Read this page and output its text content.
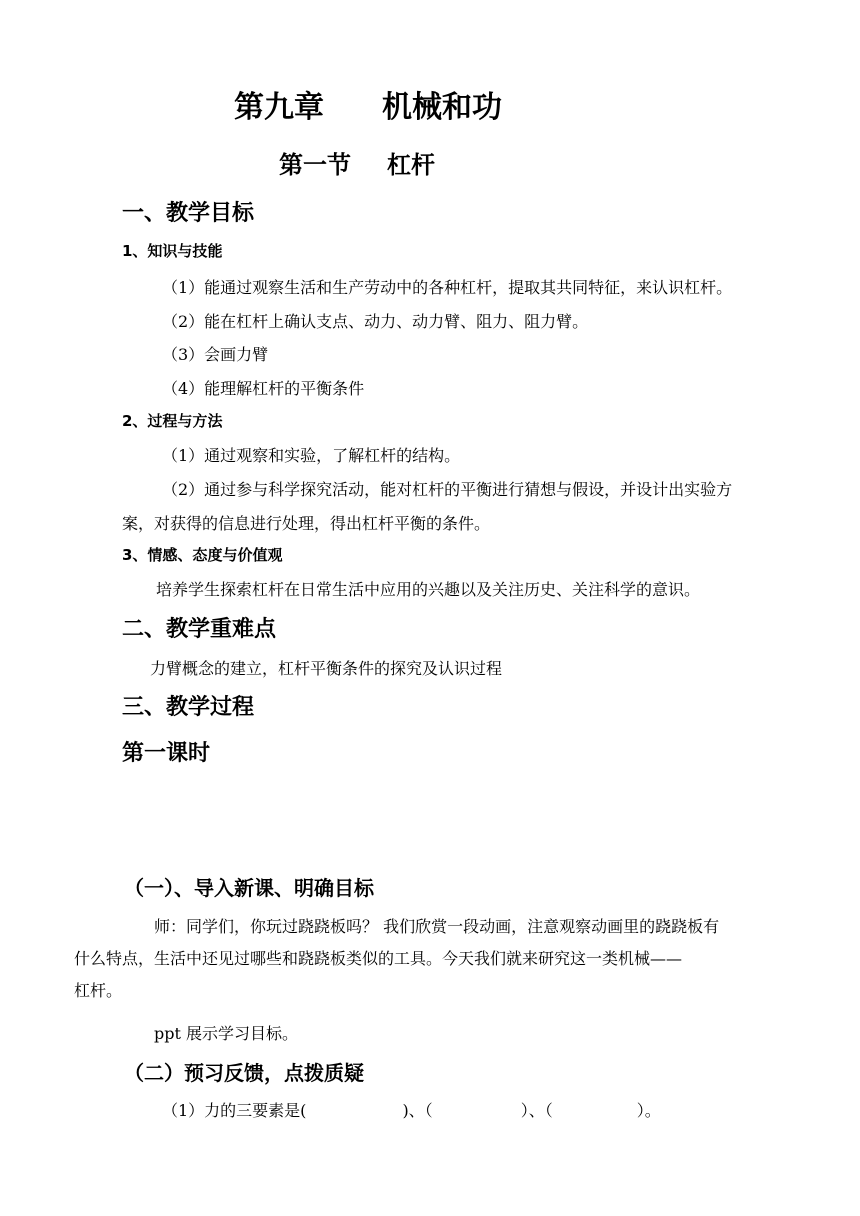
第九章 机械和功
第一节 杠杆
一、教学目标
1、知识与技能
（1）能通过观察生活和生产劳动中的各种杠杆，提取其共同特征，来认识杠杆。
（2）能在杠杆上确认支点、动力、动力臂、阻力、阻力臂。
（3）会画力臂
（4）能理解杠杆的平衡条件
2、过程与方法
（1）通过观察和实验，了解杠杆的结构。
（2）通过参与科学探究活动，能对杠杆的平衡进行猜想与假设，并设计出实验方
案，对获得的信息进行处理，得出杠杆平衡的条件。
3、情感、态度与价值观
培养学生探索杠杆在日常生活中应用的兴趣以及关注历史、关注科学的意识。
二、教学重难点
力臂概念的建立，杠杆平衡条件的探究及认识过程
三、教学过程
第一课时
（一）、导入新课、明确目标
师：同学们，你玩过跷跷板吗？ 我们欣赏一段动画，注意观察动画里的跷跷板有
什么特点，生活中还见过哪些和跷跷板类似的工具。今天我们就来研究这一类机械——
杠杆。
ppt 展示学习目标。
（二）预习反馈，点拨质疑
（1）力的三要素是(	)、（	）、（	）。
